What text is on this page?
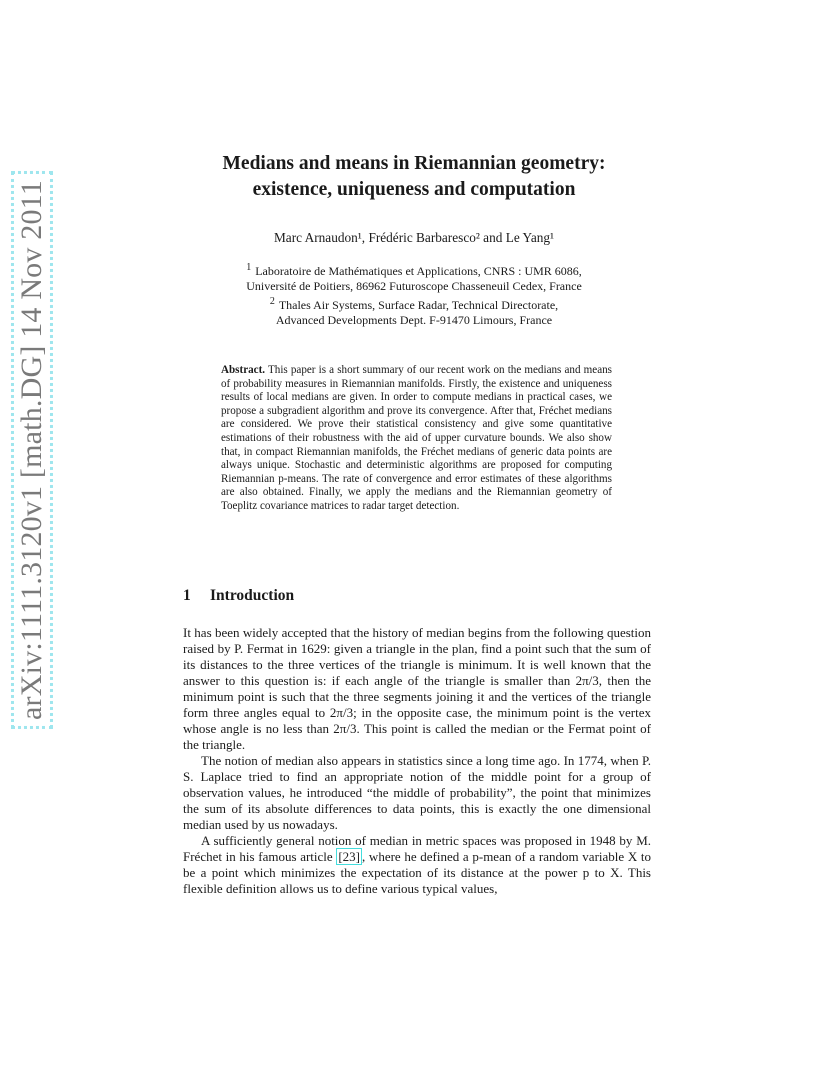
arXiv:1111.3120v1 [math.DG] 14 Nov 2011
Medians and means in Riemannian geometry:
existence, uniqueness and computation
Marc Arnaudon¹, Frédéric Barbaresco² and Le Yang¹
$^1$ Laboratoire de Mathématiques et Applications, CNRS : UMR 6086,
Université de Poitiers, 86962 Futuroscope Chasseneuil Cedex, France
$^2$ Thales Air Systems, Surface Radar, Technical Directorate,
Advanced Developments Dept. F-91470 Limours, France
Abstract. This paper is a short summary of our recent work on the medians and means of probability measures in Riemannian manifolds. Firstly, the existence and uniqueness results of local medians are given. In order to compute medians in practical cases, we propose a subgradient algorithm and prove its convergence. After that, Fréchet medians are considered. We prove their statistical consistency and give some quantitative estimations of their robustness with the aid of upper curvature bounds. We also show that, in compact Riemannian manifolds, the Fréchet medians of generic data points are always unique. Stochastic and deterministic algorithms are proposed for computing Riemannian p-means. The rate of convergence and error estimates of these algorithms are also obtained. Finally, we apply the medians and the Riemannian geometry of Toeplitz covariance matrices to radar target detection.
1 Introduction

It has been widely accepted that the history of median begins from the following question raised by P. Fermat in 1629: given a triangle in the plan, find a point such that the sum of its distances to the three vertices of the triangle is minimum. It is well known that the answer to this question is: if each angle of the triangle is smaller than 2π/3, then the minimum point is such that the three segments joining it and the vertices of the triangle form three angles equal to 2π/3; in the opposite case, the minimum point is the vertex whose angle is no less than 2π/3. This point is called the median or the Fermat point of the triangle.

The notion of median also appears in statistics since a long time ago. In 1774, when P. S. Laplace tried to find an appropriate notion of the middle point for a group of observation values, he introduced “the middle of probability”, the point that minimizes the sum of its absolute differences to data points, this is exactly the one dimensional median used by us nowadays.

A sufficiently general notion of median in metric spaces was proposed in 1948 by M. Fréchet in his famous article [23] , where he defined a p-mean of a random variable X to be a point which minimizes the expectation of its distance at the power p to X. This flexible definition allows us to define various typical values,
